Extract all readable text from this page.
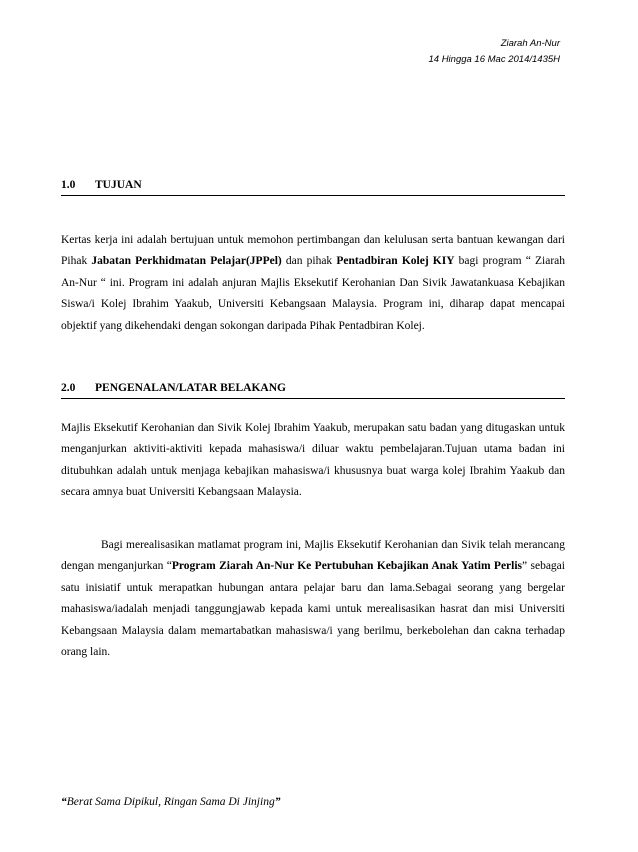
Ziarah An-Nur
14 Hingga 16 Mac 2014/1435H
1.0 TUJUAN

Kertas kerja ini adalah bertujuan untuk memohon pertimbangan dan kelulusan serta bantuan kewangan dari Pihak Jabatan Perkhidmatan Pelajar(JPPel) dan pihak Pentadbiran Kolej KIY bagi program “ Ziarah An-Nur “ ini. Program ini adalah anjuran Majlis Eksekutif Kerohanian Dan Sivik Jawatankuasa Kebajikan Siswa/i Kolej Ibrahim Yaakub, Universiti Kebangsaan Malaysia. Program ini, diharap dapat mencapai objektif yang dikehendaki dengan sokongan daripada Pihak Pentadbiran Kolej.

2.0 PENGENALAN/LATAR BELAKANG

Majlis Eksekutif Kerohanian dan Sivik Kolej Ibrahim Yaakub, merupakan satu badan yang ditugaskan untuk menganjurkan aktiviti-aktiviti kepada mahasiswa/i diluar waktu pembelajaran.Tujuan utama badan ini ditubuhkan adalah untuk menjaga kebajikan mahasiswa/i khususnya buat warga kolej Ibrahim Yaakub dan secara amnya buat Universiti Kebangsaan Malaysia.

Bagi merealisasikan matlamat program ini, Majlis Eksekutif Kerohanian dan Sivik telah merancang dengan menganjurkan “Program Ziarah An-Nur Ke Pertubuhan Kebajikan Anak Yatim Perlis” sebagai satu inisiatif untuk merapatkan hubungan antara pelajar baru dan lama.Sebagai seorang yang bergelar mahasiswa/iadalah menjadi tanggungjawab kepada kami untuk merealisasikan hasrat dan misi Universiti Kebangsaan Malaysia dalam memartabatkan mahasiswa/i yang berilmu, berkebolehan dan cakna terhadap orang lain.

“Berat Sama Dipikul, Ringan Sama Di Jinjing”
